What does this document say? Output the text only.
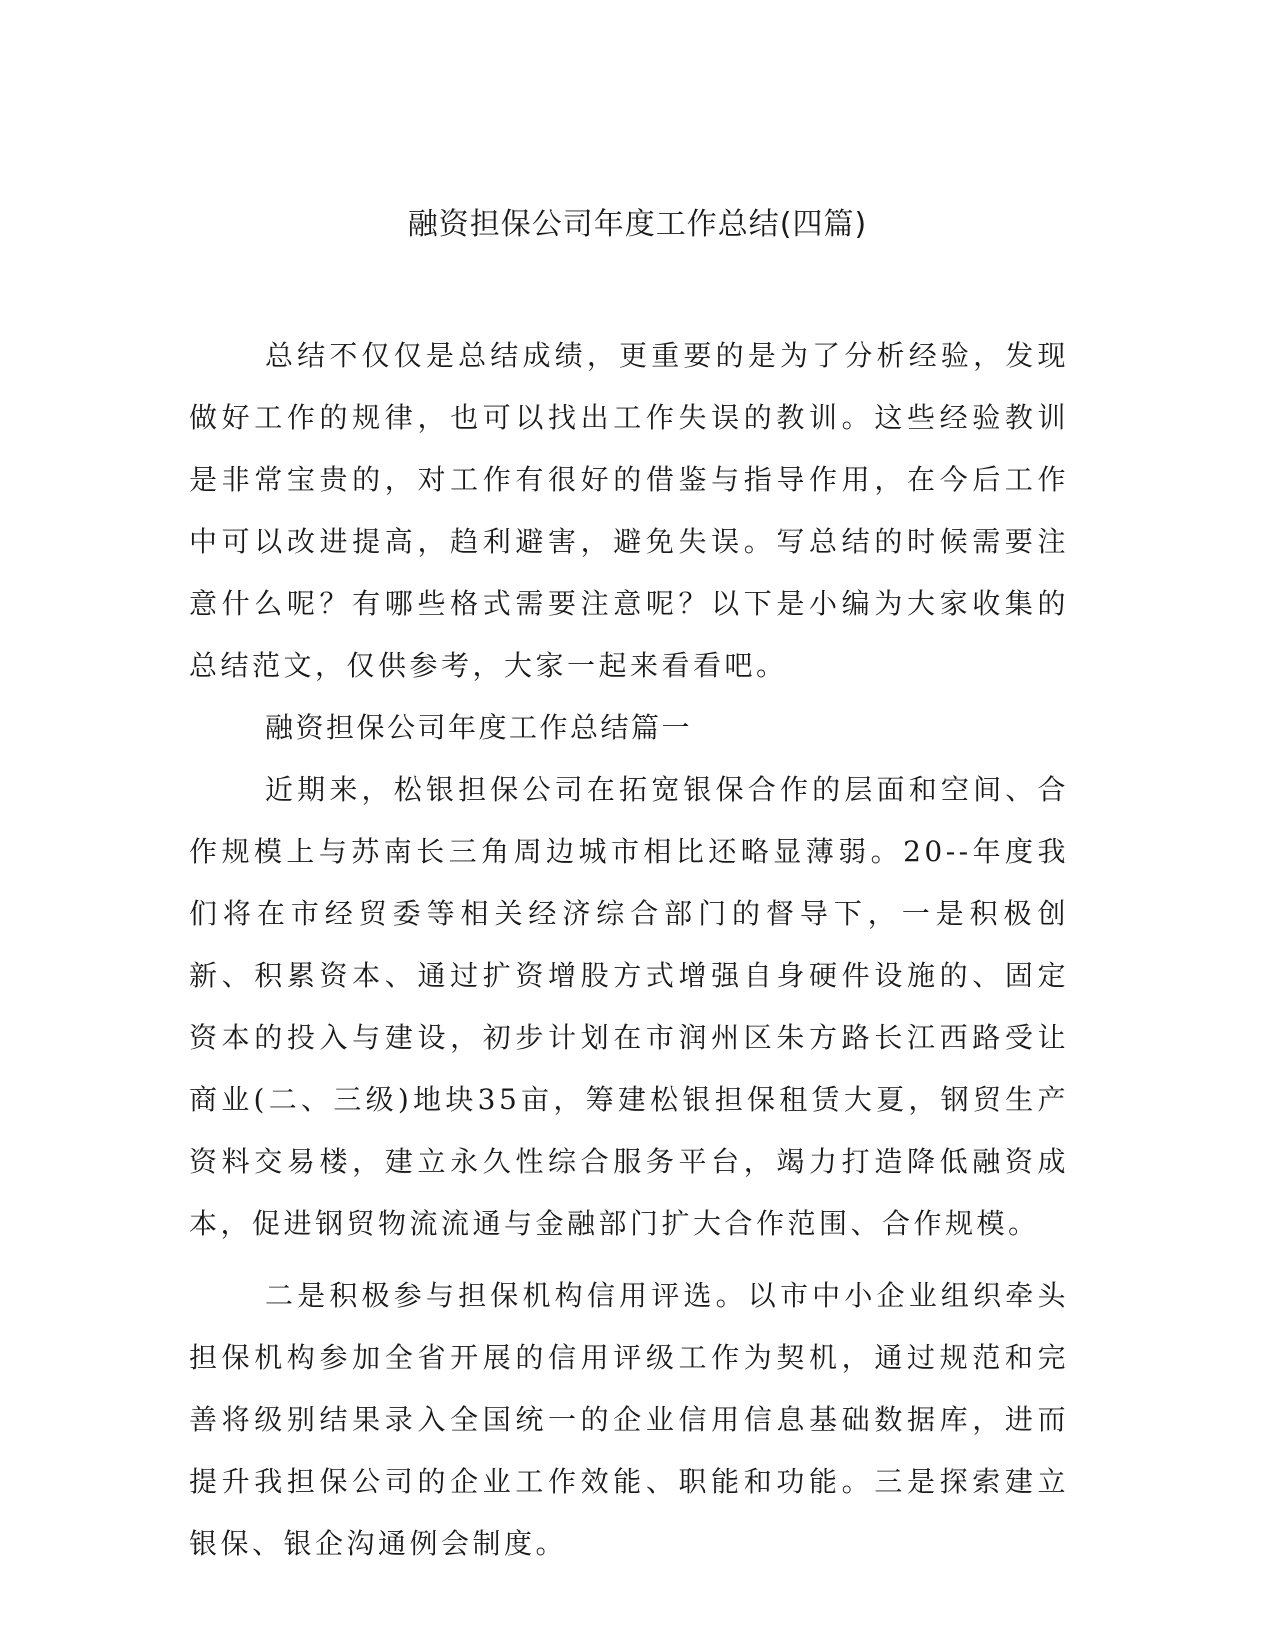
融资担保公司年度工作总结(四篇)

总结不仅仅是总结成绩，更重要的是为了分析经验，发现做好工作的规律，也可以找出工作失误的教训。这些经验教训是非常宝贵的，对工作有很好的借鉴与指导作用，在今后工作中可以改进提高，趋利避害，避免失误。写总结的时候需要注意什么呢？有哪些格式需要注意呢？以下是小编为大家收集的总结范文，仅供参考，大家一起来看看吧。

融资担保公司年度工作总结篇一

近期来，松银担保公司在拓宽银保合作的层面和空间、合作规模上与苏南长三角周边城市相比还略显薄弱。20--年度我们将在市经贸委等相关经济综合部门的督导下，一是积极创新、积累资本、通过扩资增股方式增强自身硬件设施的、固定资本的投入与建设，初步计划在市润州区朱方路长江西路受让商业(二、三级)地块35亩，筹建松银担保租赁大夏，钢贸生产资料交易楼，建立永久性综合服务平台，竭力打造降低融资成本，促进钢贸物流流通与金融部门扩大合作范围、合作规模。

二是积极参与担保机构信用评选。以市中小企业组织牵头担保机构参加全省开展的信用评级工作为契机，通过规范和完善将级别结果录入全国统一的企业信用信息基础数据库，进而提升我担保公司的企业工作效能、职能和功能。三是探索建立银保、银企沟通例会制度。
